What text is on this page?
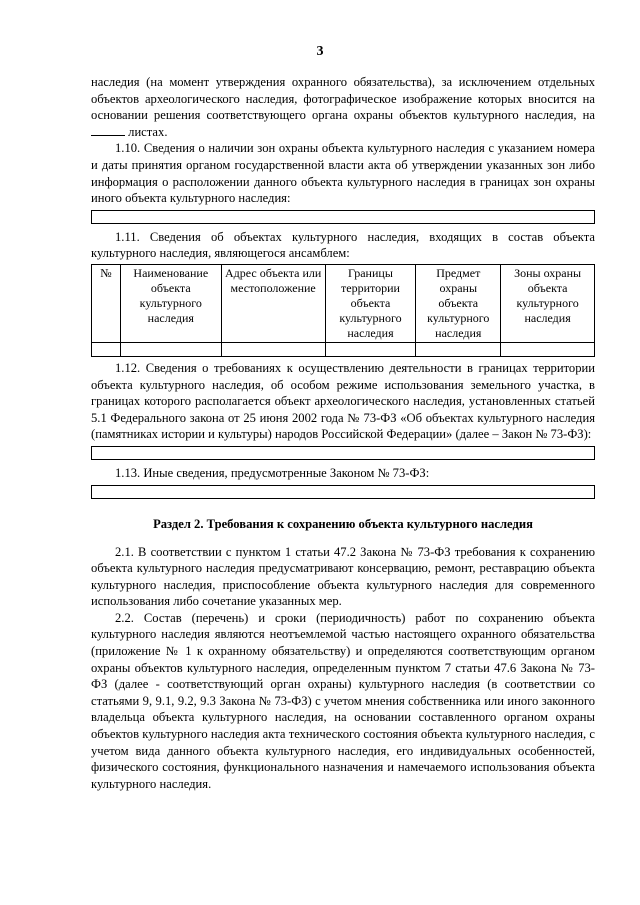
3

наследия (на момент утверждения охранного обязательства), за исключением отдельных объектов археологического наследия, фотографическое изображение которых вносится на основании решения соответствующего органа охраны объектов культурного наследия, на  листах.

1.10. Сведения о наличии зон охраны объекта культурного наследия с указанием номера и даты принятия органом государственной власти акта об утверждении указанных зон либо информация о расположении данного объекта культурного наследия в границах зон охраны иного объекта культурного наследия:

1.11. Сведения об объектах культурного наследия, входящих в состав объекта культурного наследия, являющегося ансамблем:

№	Наименование объекта культурного наследия	Адрес объекта или местоположение	Границы территории объекта культурного наследия	Предмет охраны объекта культурного наследия	Зоны охраны объекта культурного наследия

1.12. Сведения о требованиях к осуществлению деятельности в границах территории объекта культурного наследия, об особом режиме использования земельного участка, в границах которого располагается объект археологического наследия, установленных статьей 5.1 Федерального закона от 25 июня 2002 года № 73-ФЗ «Об объектах культурного наследия (памятниках истории и культуры) народов Российской Федерации» (далее – Закон № 73-ФЗ):

1.13. Иные сведения, предусмотренные Законом № 73-ФЗ:

Раздел 2. Требования к сохранению объекта культурного наследия

2.1. В соответствии с пунктом 1 статьи 47.2 Закона № 73-ФЗ требования к сохранению объекта культурного наследия предусматривают консервацию, ремонт, реставрацию объекта культурного наследия, приспособление объекта культурного наследия для современного использования либо сочетание указанных мер.

2.2. Состав (перечень) и сроки (периодичность) работ по сохранению объекта культурного наследия являются неотъемлемой частью настоящего охранного обязательства (приложение № 1 к охранному обязательству) и определяются соответствующим органом охраны объектов культурного наследия, определенным пунктом 7 статьи 47.6 Закона № 73-ФЗ (далее - соответствующий орган охраны) культурного наследия (в соответствии со статьями 9, 9.1, 9.2, 9.3 Закона № 73-ФЗ) с учетом мнения собственника или иного законного владельца объекта культурного наследия, на основании составленного органом охраны объектов культурного наследия акта технического состояния объекта культурного наследия, с учетом вида данного объекта культурного наследия, его индивидуальных особенностей, физического состояния, функционального назначения и намечаемого использования объекта культурного наследия.
